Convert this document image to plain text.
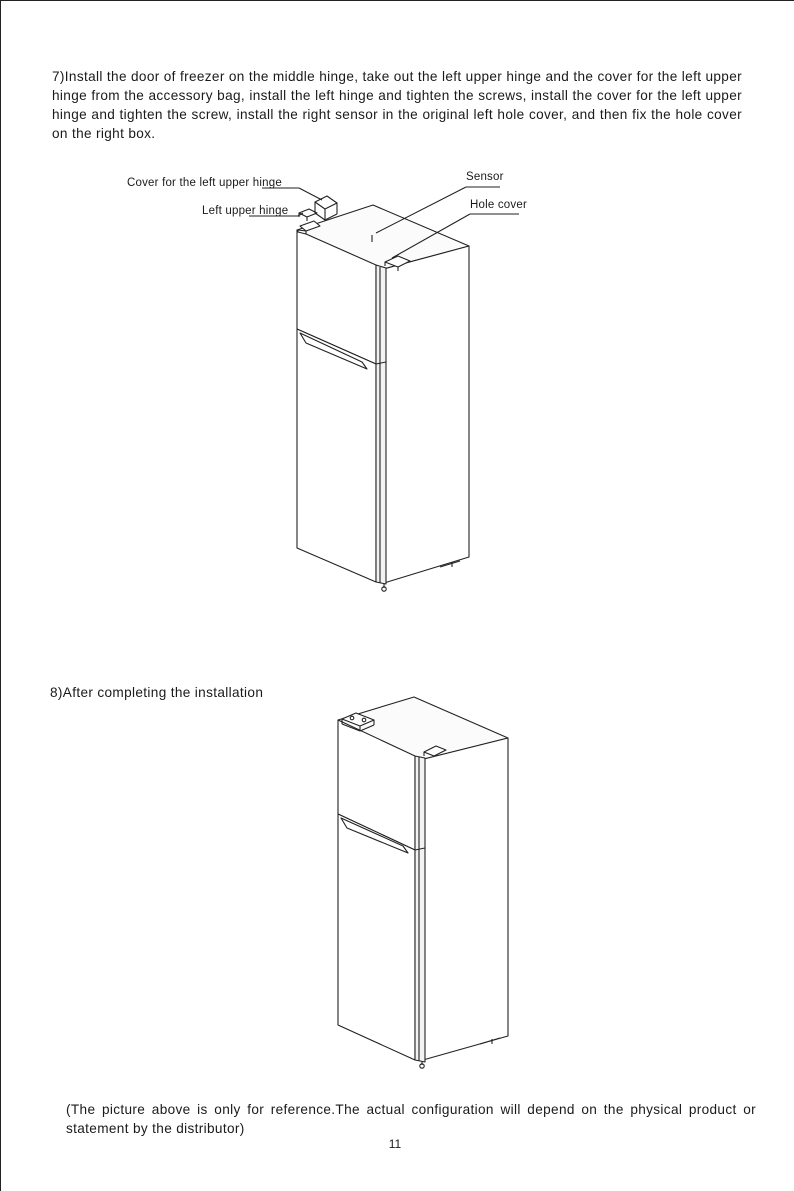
7)Install the door of freezer on the middle hinge, take out the left upper hinge and the cover for the left upper hinge from the accessory bag, install the left hinge and tighten the screws, install the cover for the left upper hinge and tighten the screw, install the right sensor in the original left hole cover, and then fix the hole cover on the right box.

Cover for the left upper hinge
Left upper hinge
Sensor
Hole cover

8)After completing the installation

(The picture above is only for reference.The actual configuration will depend on the physical product or statement by the distributor)

11
